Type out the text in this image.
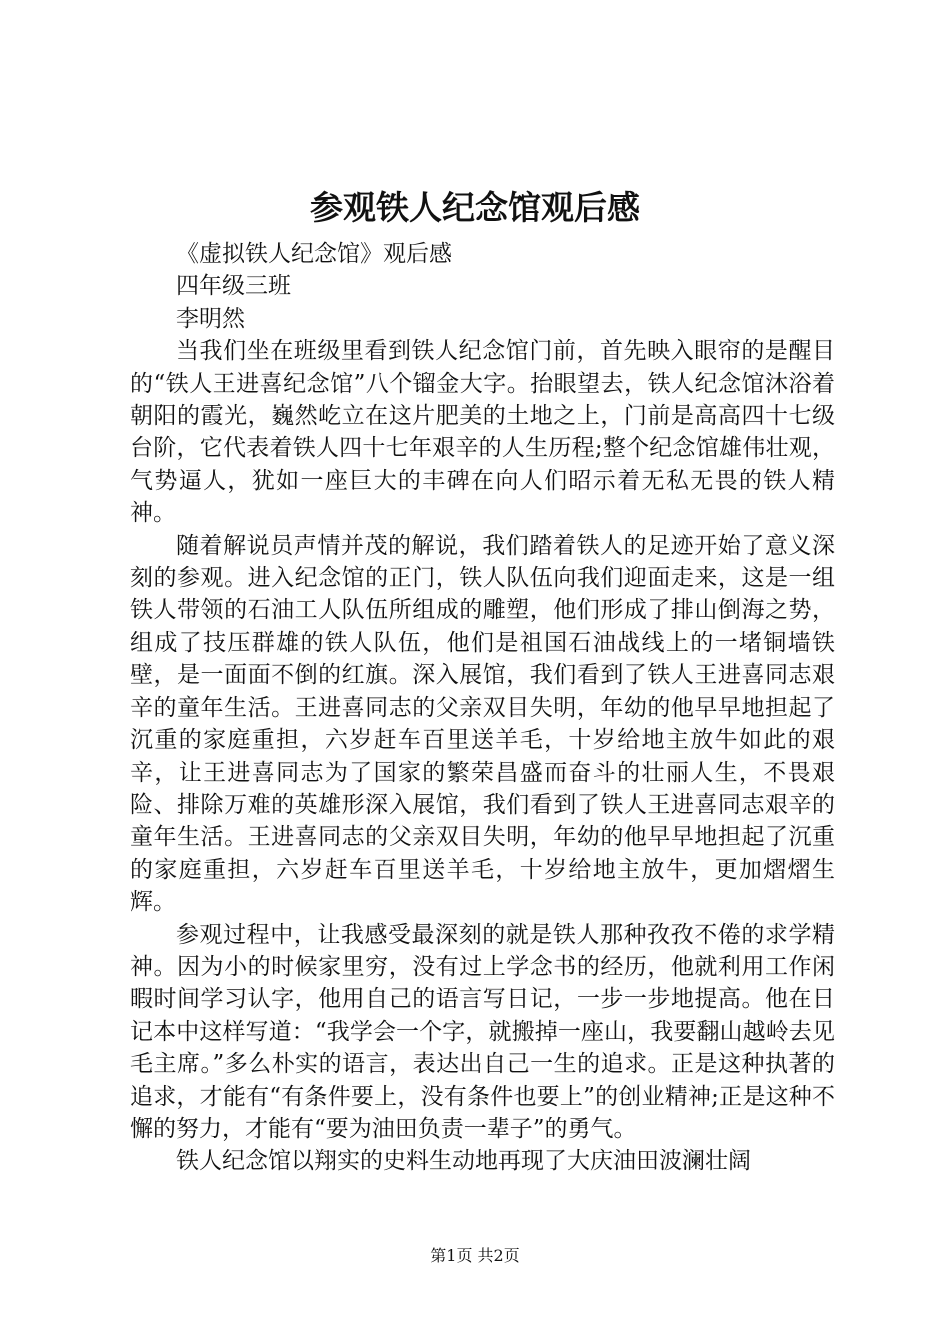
参观铁人纪念馆观后感

《虚拟铁人纪念馆》观后感

四年级三班

李明然

当我们坐在班级里看到铁人纪念馆门前，首先映入眼帘的是醒目的“铁人王进喜纪念馆”八个镏金大字。抬眼望去，铁人纪念馆沐浴着朝阳的霞光，巍然屹立在这片肥美的土地之上，门前是高高四十七级台阶，它代表着铁人四十七年艰辛的人生历程;整个纪念馆雄伟壮观，气势逼人，犹如一座巨大的丰碑在向人们昭示着无私无畏的铁人精神。

随着解说员声情并茂的解说，我们踏着铁人的足迹开始了意义深刻的参观。进入纪念馆的正门，铁人队伍向我们迎面走来，这是一组铁人带领的石油工人队伍所组成的雕塑，他们形成了排山倒海之势，组成了技压群雄的铁人队伍，他们是祖国石油战线上的一堵铜墙铁壁，是一面面不倒的红旗。深入展馆，我们看到了铁人王进喜同志艰辛的童年生活。王进喜同志的父亲双目失明，年幼的他早早地担起了沉重的家庭重担，六岁赶车百里送羊毛，十岁给地主放牛如此的艰辛，让王进喜同志为了国家的繁荣昌盛而奋斗的壮丽人生，不畏艰险、排除万难的英雄形深入展馆，我们看到了铁人王进喜同志艰辛的童年生活。王进喜同志的父亲双目失明，年幼的他早早地担起了沉重的家庭重担，六岁赶车百里送羊毛，十岁给地主放牛，更加熠熠生辉。

参观过程中，让我感受最深刻的就是铁人那种孜孜不倦的求学精神。因为小的时候家里穷，没有过上学念书的经历，他就利用工作闲暇时间学习认字，他用自己的语言写日记，一步一步地提高。他在日记本中这样写道：“我学会一个字，就搬掉一座山，我要翻山越岭去见毛主席。”多么朴实的语言，表达出自己一生的追求。正是这种执著的追求，才能有“有条件要上，没有条件也要上”的创业精神;正是这种不懈的努力，才能有“要为油田负责一辈子”的勇气。

铁人纪念馆以翔实的史料生动地再现了大庆油田波澜壮阔

第1页 共2页
